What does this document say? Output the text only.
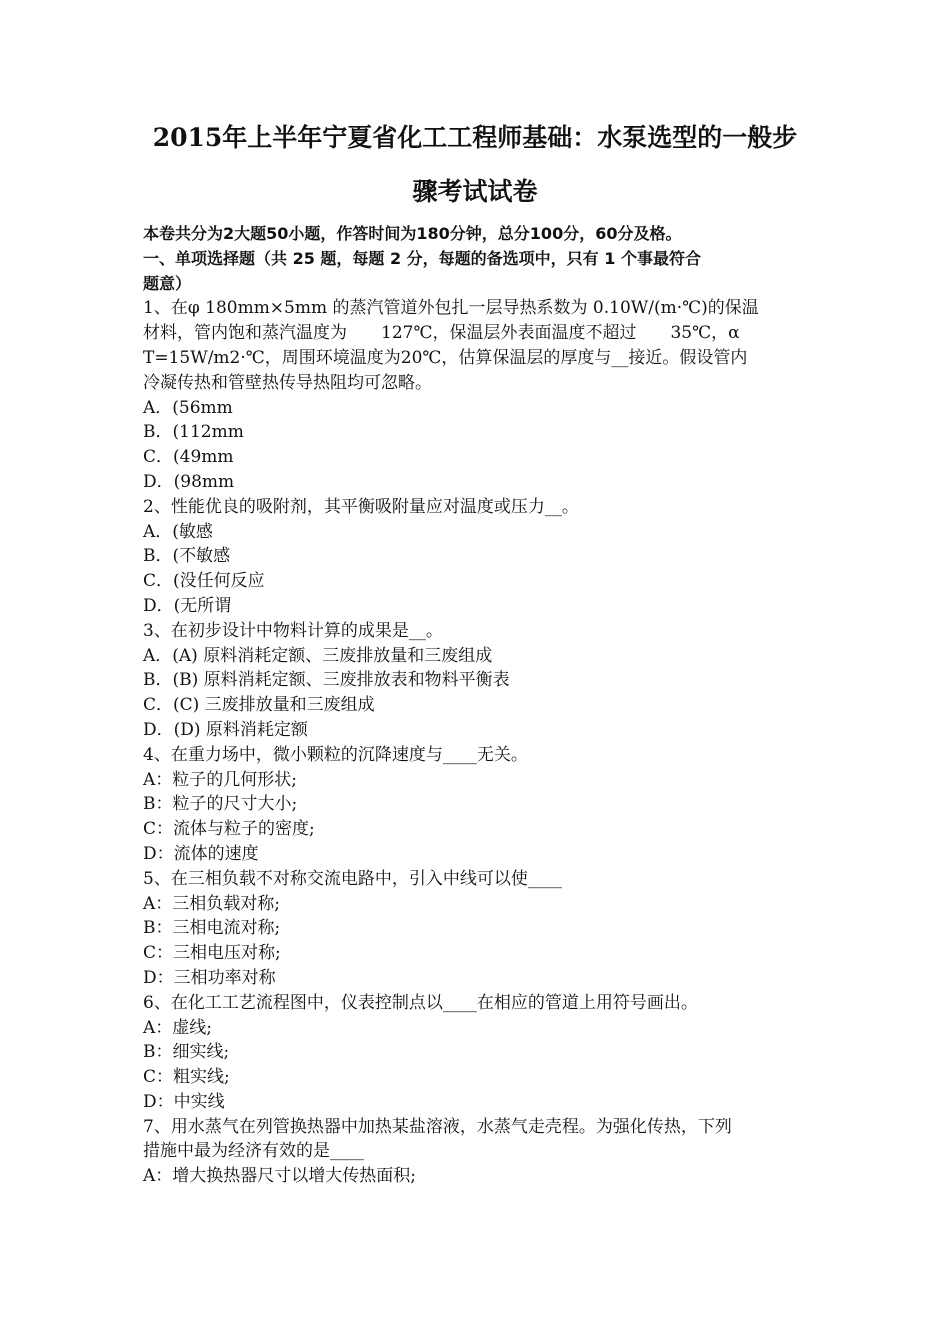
2015年上半年宁夏省化工工程师基础：水泵选型的一般步
骤考试试卷
本卷共分为2大题50小题，作答时间为180分钟，总分100分，60分及格。
一、单项选择题（共 25 题，每题 2 分，每题的备选项中，只有 1 个事最符合
题意）
1、在φ 180mm×5mm 的蒸汽管道外包扎一层导热系数为 0.10W/(m·℃)的保温
材料，管内饱和蒸汽温度为　　127℃，保温层外表面温度不超过　　35℃，α
T=15W/m2·℃，周围环境温度为20℃，估算保温层的厚度与__接近。假设管内
冷凝传热和管壁热传导热阻均可忽略。
A．(56mm
B．(112mm
C．(49mm
D．(98mm
2、性能优良的吸附剂，其平衡吸附量应对温度或压力__。
A．(敏感
B．(不敏感
C．(没任何反应
D．(无所谓
3、在初步设计中物料计算的成果是__。
A．(A) 原料消耗定额、三废排放量和三废组成
B．(B) 原料消耗定额、三废排放表和物料平衡表
C．(C) 三废排放量和三废组成
D．(D) 原料消耗定额
4、在重力场中，微小颗粒的沉降速度与____无关。
A：粒子的几何形状;
B：粒子的尺寸大小;
C：流体与粒子的密度;
D：流体的速度
5、在三相负载不对称交流电路中，引入中线可以使____
A：三相负载对称;
B：三相电流对称;
C：三相电压对称;
D：三相功率对称
6、在化工工艺流程图中，仪表控制点以____在相应的管道上用符号画出。
A：虚线;
B：细实线;
C：粗实线;
D：中实线
7、用水蒸气在列管换热器中加热某盐溶液，水蒸气走壳程。为强化传热，下列
措施中最为经济有效的是____
A：增大换热器尺寸以增大传热面积;
